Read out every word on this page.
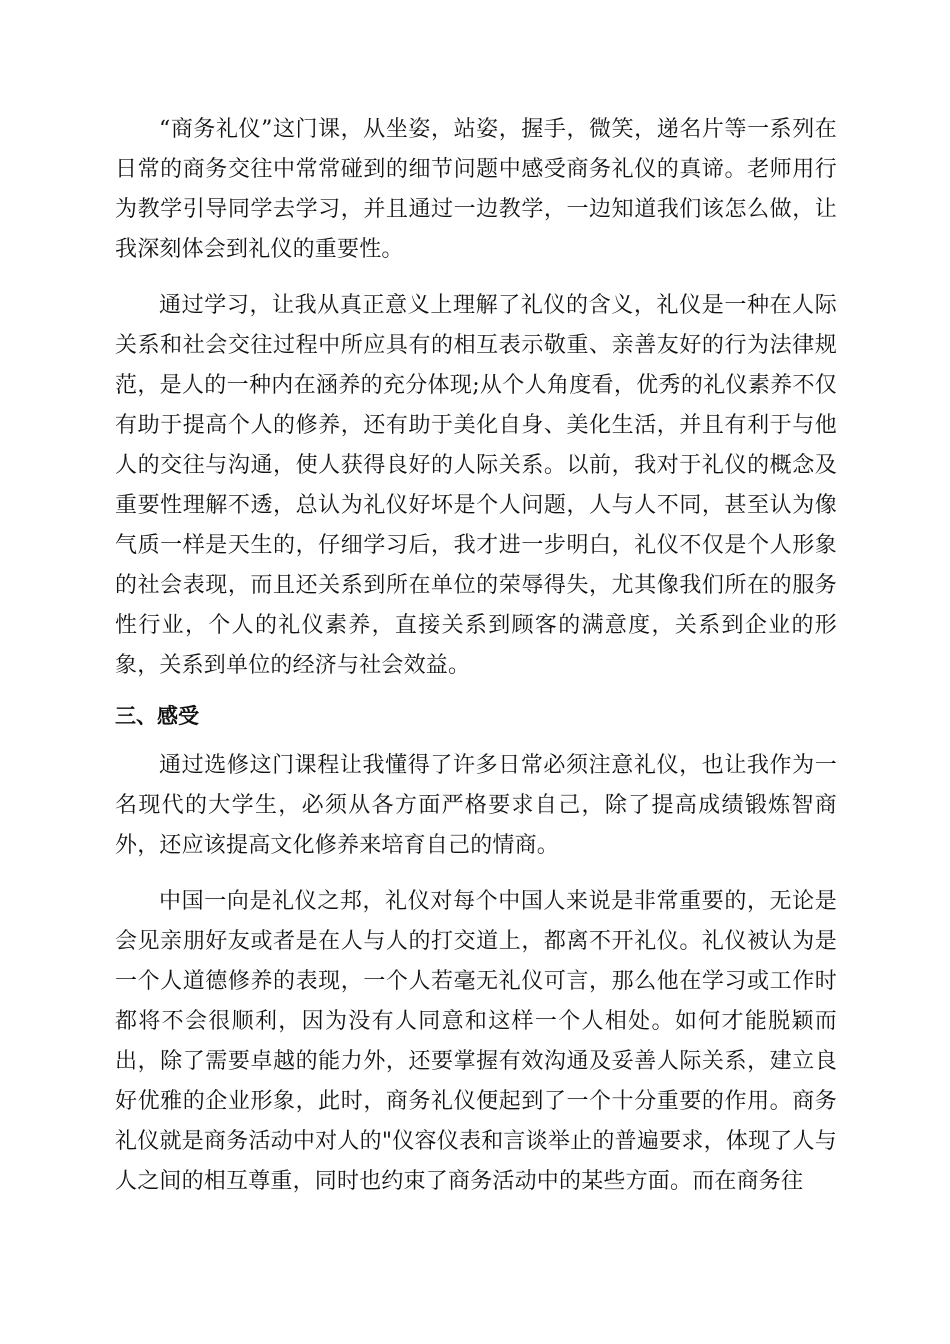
“商务礼仪”这门课，从坐姿，站姿，握手，微笑，递名片等一系列在日常的商务交往中常常碰到的细节问题中感受商务礼仪的真谛。老师用行为教学引导同学去学习，并且通过一边教学，一边知道我们该怎么做，让我深刻体会到礼仪的重要性。

通过学习，让我从真正意义上理解了礼仪的含义，礼仪是一种在人际关系和社会交往过程中所应具有的相互表示敬重、亲善友好的行为法律规范，是人的一种内在涵养的充分体现;从个人角度看，优秀的礼仪素养不仅有助于提高个人的修养，还有助于美化自身、美化生活，并且有利于与他人的交往与沟通，使人获得良好的人际关系。以前，我对于礼仪的概念及重要性理解不透，总认为礼仪好坏是个人问题，人与人不同，甚至认为像气质一样是天生的，仔细学习后，我才进一步明白，礼仪不仅是个人形象的社会表现，而且还关系到所在单位的荣辱得失，尤其像我们所在的服务性行业，个人的礼仪素养，直接关系到顾客的满意度，关系到企业的形象，关系到单位的经济与社会效益。

三、感受

通过选修这门课程让我懂得了许多日常必须注意礼仪，也让我作为一名现代的大学生，必须从各方面严格要求自己，除了提高成绩锻炼智商外，还应该提高文化修养来培育自己的情商。

中国一向是礼仪之邦，礼仪对每个中国人来说是非常重要的，无论是会见亲朋好友或者是在人与人的打交道上，都离不开礼仪。礼仪被认为是一个人道德修养的表现，一个人若毫无礼仪可言，那么他在学习或工作时都将不会很顺利，因为没有人同意和这样一个人相处。如何才能脱颖而出，除了需要卓越的能力外，还要掌握有效沟通及妥善人际关系，建立良好优雅的企业形象，此时，商务礼仪便起到了一个十分重要的作用。商务礼仪就是商务活动中对人的"仪容仪表和言谈举止的普遍要求，体现了人与人之间的相互尊重，同时也约束了商务活动中的某些方面。而在商务往
